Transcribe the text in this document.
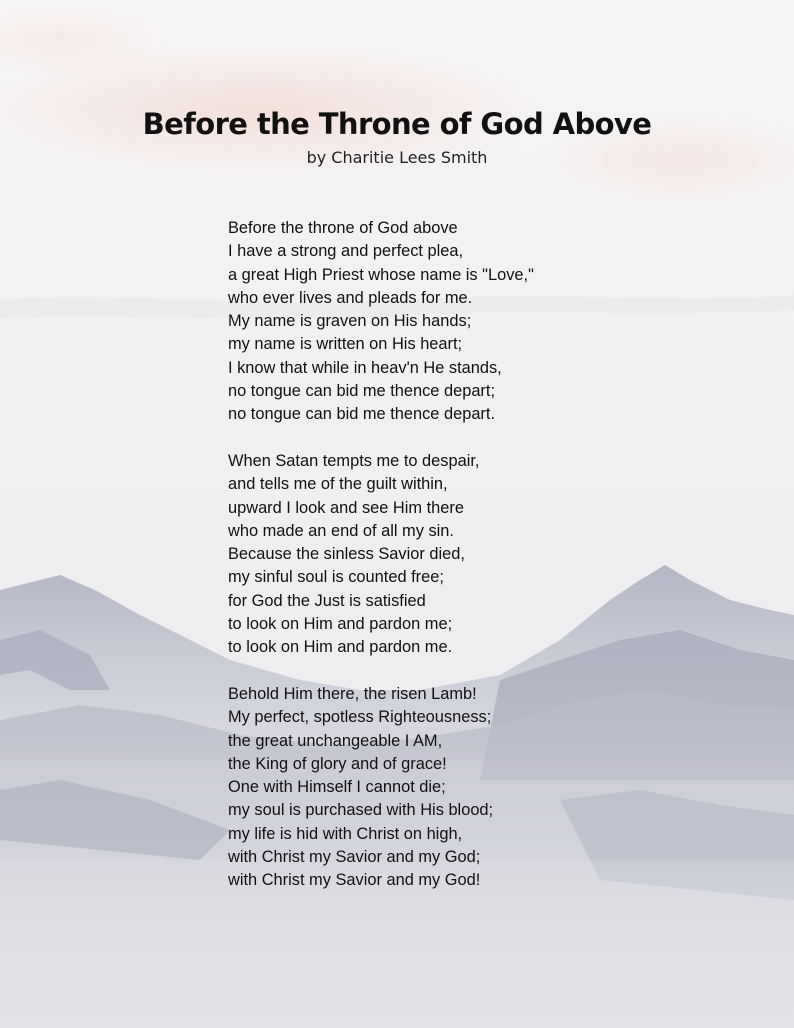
Before the Throne of God Above

by Charitie Lees Smith

Before the throne of God above
I have a strong and perfect plea,
a great High Priest whose name is "Love,"
who ever lives and pleads for me.
My name is graven on His hands;
my name is written on His heart;
I know that while in heav'n He stands,
no tongue can bid me thence depart;
no tongue can bid me thence depart.
When Satan tempts me to despair,
and tells me of the guilt within,
upward I look and see Him there
who made an end of all my sin.
Because the sinless Savior died,
my sinful soul is counted free;
for God the Just is satisfied
to look on Him and pardon me;
to look on Him and pardon me.
Behold Him there, the risen Lamb!
My perfect, spotless Righteousness;
the great unchangeable I AM,
the King of glory and of grace!
One with Himself I cannot die;
my soul is purchased with His blood;
my life is hid with Christ on high,
with Christ my Savior and my God;
with Christ my Savior and my God!
